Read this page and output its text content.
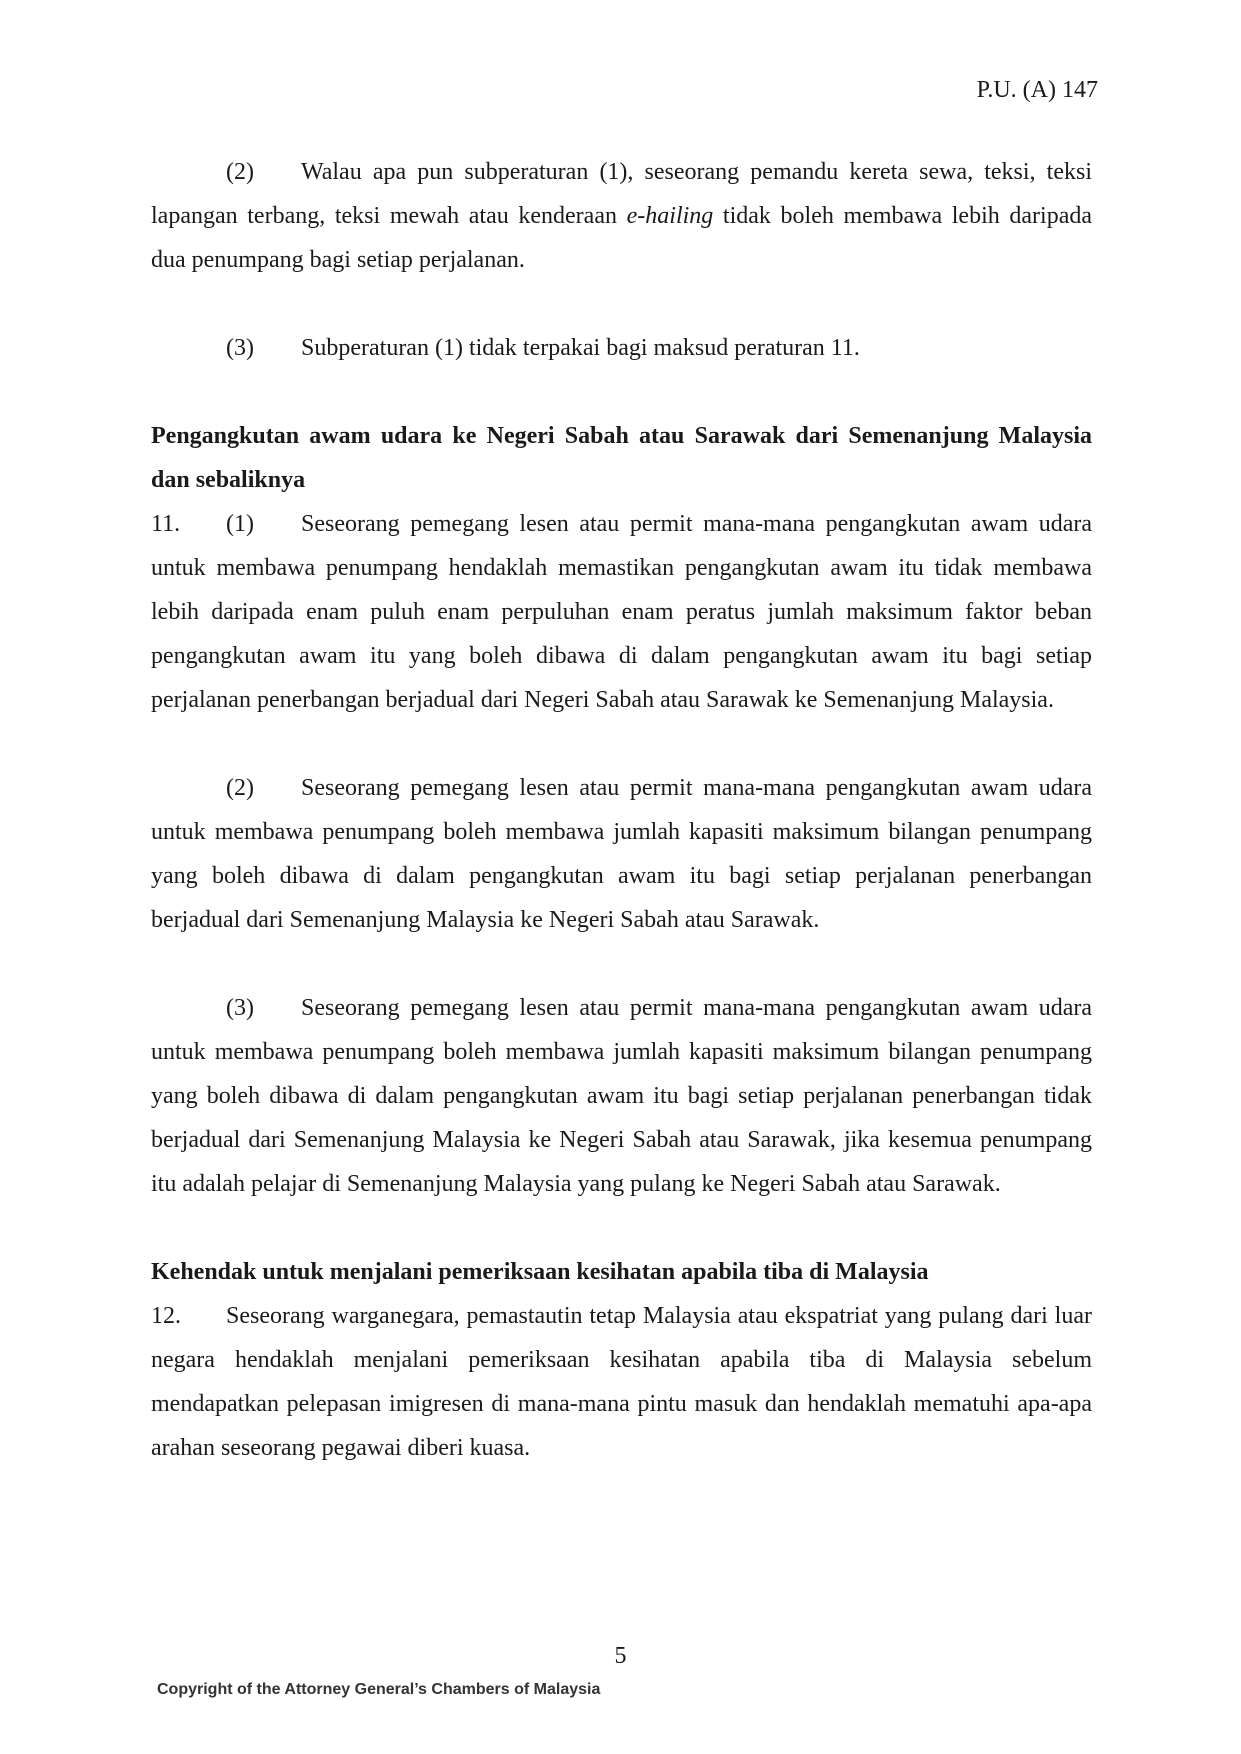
P.U. (A) 147

(2) Walau apa pun subperaturan (1), seseorang pemandu kereta sewa, teksi, teksi lapangan terbang, teksi mewah atau kenderaan e-hailing tidak boleh membawa lebih daripada dua penumpang bagi setiap perjalanan.

(3) Subperaturan (1) tidak terpakai bagi maksud peraturan 11.

Pengangkutan awam udara ke Negeri Sabah atau Sarawak dari Semenanjung Malaysia dan sebaliknya

11. (1) Seseorang pemegang lesen atau permit mana-mana pengangkutan awam udara untuk membawa penumpang hendaklah memastikan pengangkutan awam itu tidak membawa lebih daripada enam puluh enam perpuluhan enam peratus jumlah maksimum faktor beban pengangkutan awam itu yang boleh dibawa di dalam pengangkutan awam itu bagi setiap perjalanan penerbangan berjadual dari Negeri Sabah atau Sarawak ke Semenanjung Malaysia.

(2) Seseorang pemegang lesen atau permit mana-mana pengangkutan awam udara untuk membawa penumpang boleh membawa jumlah kapasiti maksimum bilangan penumpang yang boleh dibawa di dalam pengangkutan awam itu bagi setiap perjalanan penerbangan berjadual dari Semenanjung Malaysia ke Negeri Sabah atau Sarawak.

(3) Seseorang pemegang lesen atau permit mana-mana pengangkutan awam udara untuk membawa penumpang boleh membawa jumlah kapasiti maksimum bilangan penumpang yang boleh dibawa di dalam pengangkutan awam itu bagi setiap perjalanan penerbangan tidak berjadual dari Semenanjung Malaysia ke Negeri Sabah atau Sarawak, jika kesemua penumpang itu adalah pelajar di Semenanjung Malaysia yang pulang ke Negeri Sabah atau Sarawak.

Kehendak untuk menjalani pemeriksaan kesihatan apabila tiba di Malaysia

12. Seseorang warganegara, pemastautin tetap Malaysia atau ekspatriat yang pulang dari luar negara hendaklah menjalani pemeriksaan kesihatan apabila tiba di Malaysia sebelum mendapatkan pelepasan imigresen di mana-mana pintu masuk dan hendaklah mematuhi apa-apa arahan seseorang pegawai diberi kuasa.

5
Copyright of the Attorney General’s Chambers of Malaysia
